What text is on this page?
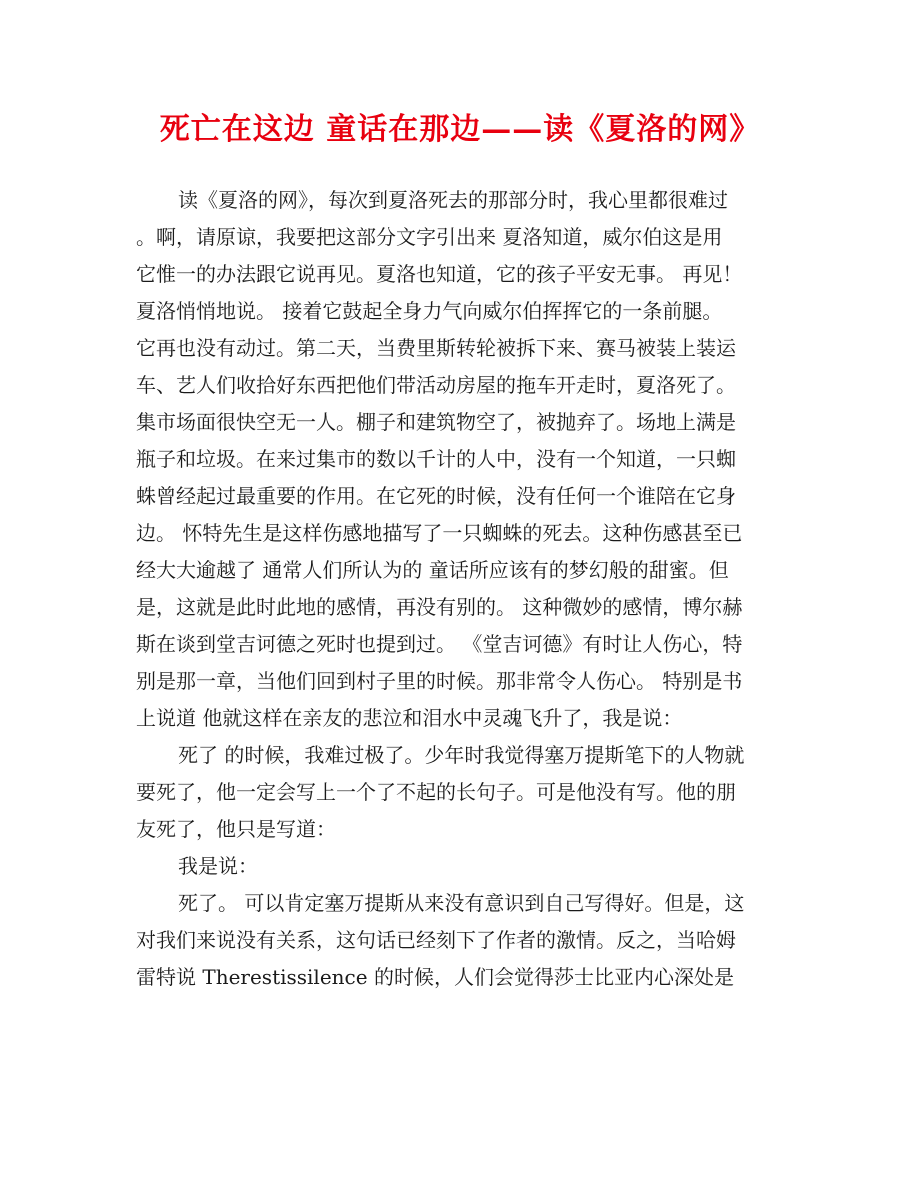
死亡在这边 童话在那边——读《夏洛的网》
读《夏洛的网》，每次到夏洛死去的那部分时，我心里都很难过
。啊，请原谅，我要把这部分文字引出来 夏洛知道，威尔伯这是用
它惟一的办法跟它说再见。夏洛也知道，它的孩子平安无事。 再见！
夏洛悄悄地说。 接着它鼓起全身力气向威尔伯挥挥它的一条前腿。
它再也没有动过。第二天，当费里斯转轮被拆下来、赛马被装上装运
车、艺人们收拾好东西把他们带活动房屋的拖车开走时，夏洛死了。
集市场面很快空无一人。棚子和建筑物空了，被抛弃了。场地上满是
瓶子和垃圾。在来过集市的数以千计的人中，没有一个知道，一只蜘
蛛曾经起过最重要的作用。在它死的时候，没有任何一个谁陪在它身
边。 怀特先生是这样伤感地描写了一只蜘蛛的死去。这种伤感甚至已
经大大逾越了 通常人们所认为的 童话所应该有的梦幻般的甜蜜。但
是，这就是此时此地的感情，再没有别的。 这种微妙的感情，博尔赫
斯在谈到堂吉诃德之死时也提到过。 《堂吉诃德》有时让人伤心，特
别是那一章，当他们回到村子里的时候。那非常令人伤心。 特别是书
上说道 他就这样在亲友的悲泣和泪水中灵魂飞升了，我是说：
死了 的时候，我难过极了。少年时我觉得塞万提斯笔下的人物就
要死了，他一定会写上一个了不起的长句子。可是他没有写。他的朋
友死了，他只是写道：
我是说：
死了。 可以肯定塞万提斯从来没有意识到自己写得好。但是，这
对我们来说没有关系，这句话已经刻下了作者的激情。反之，当哈姆
雷特说 Therestissilence 的时候，人们会觉得莎士比亚内心深处是
